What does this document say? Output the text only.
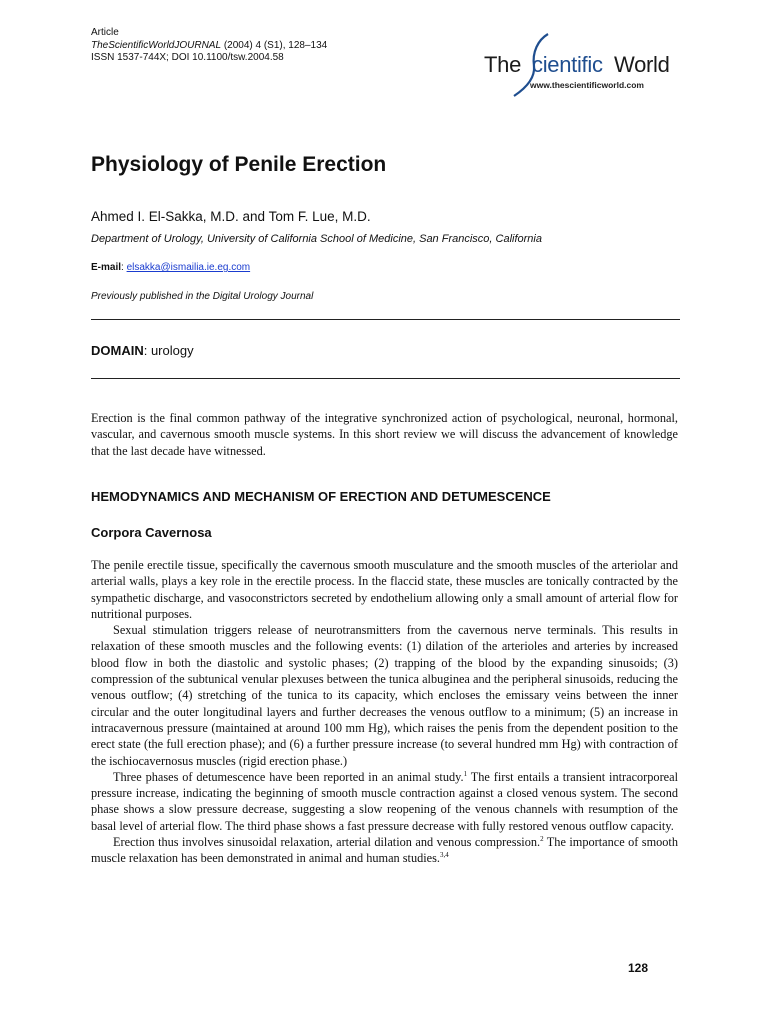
Article
TheScientificWorldJOURNAL (2004) 4 (S1), 128–134
ISSN 1537-744X; DOI 10.1100/tsw.2004.58	The cientific World
www.thescientificworld.com
Physiology of Penile Erection
Ahmed I. El-Sakka, M.D. and Tom F. Lue, M.D.
Department of Urology, University of California School of Medicine, San Francisco, California
E-mail: elsakka@ismailia.ie.eg.com
Previously published in the Digital Urology Journal
DOMAIN: urology

Erection is the final common pathway of the integrative synchronized action of psychological, neuronal, hormonal, vascular, and cavernous smooth muscle systems. In this short review we will discuss the advancement of knowledge that the last decade have witnessed.

HEMODYNAMICS AND MECHANISM OF ERECTION AND DETUMESCENCE
Corpora Cavernosa

The penile erectile tissue, specifically the cavernous smooth musculature and the smooth muscles of the arteriolar and arterial walls, plays a key role in the erectile process. In the flaccid state, these muscles are tonically contracted by the sympathetic discharge, and vasoconstrictors secreted by endothelium allowing only a small amount of arterial flow for nutritional purposes.

Sexual stimulation triggers release of neurotransmitters from the cavernous nerve terminals. This results in relaxation of these smooth muscles and the following events: (1) dilation of the arterioles and arteries by increased blood flow in both the diastolic and systolic phases; (2) trapping of the blood by the expanding sinusoids; (3) compression of the subtunical venular plexuses between the tunica albuginea and the peripheral sinusoids, reducing the venous outflow; (4) stretching of the tunica to its capacity, which encloses the emissary veins between the inner circular and the outer longitudinal layers and further decreases the venous outflow to a minimum; (5) an increase in intracavernous pressure (maintained at around 100 mm Hg), which raises the penis from the dependent position to the erect state (the full erection phase); and (6) a further pressure increase (to several hundred mm Hg) with contraction of the ischiocavernosus muscles (rigid erection phase.)

Three phases of detumescence have been reported in an animal study.$^1$ The first entails a transient intracorporeal pressure increase, indicating the beginning of smooth muscle contraction against a closed venous system. The second phase shows a slow pressure decrease, suggesting a slow reopening of the venous channels with resumption of the basal level of arterial flow. The third phase shows a fast pressure decrease with fully restored venous outflow capacity.

Erection thus involves sinusoidal relaxation, arterial dilation and venous compression.$^2$ The importance of smooth muscle relaxation has been demonstrated in animal and human studies.$^{3,4}$

128
